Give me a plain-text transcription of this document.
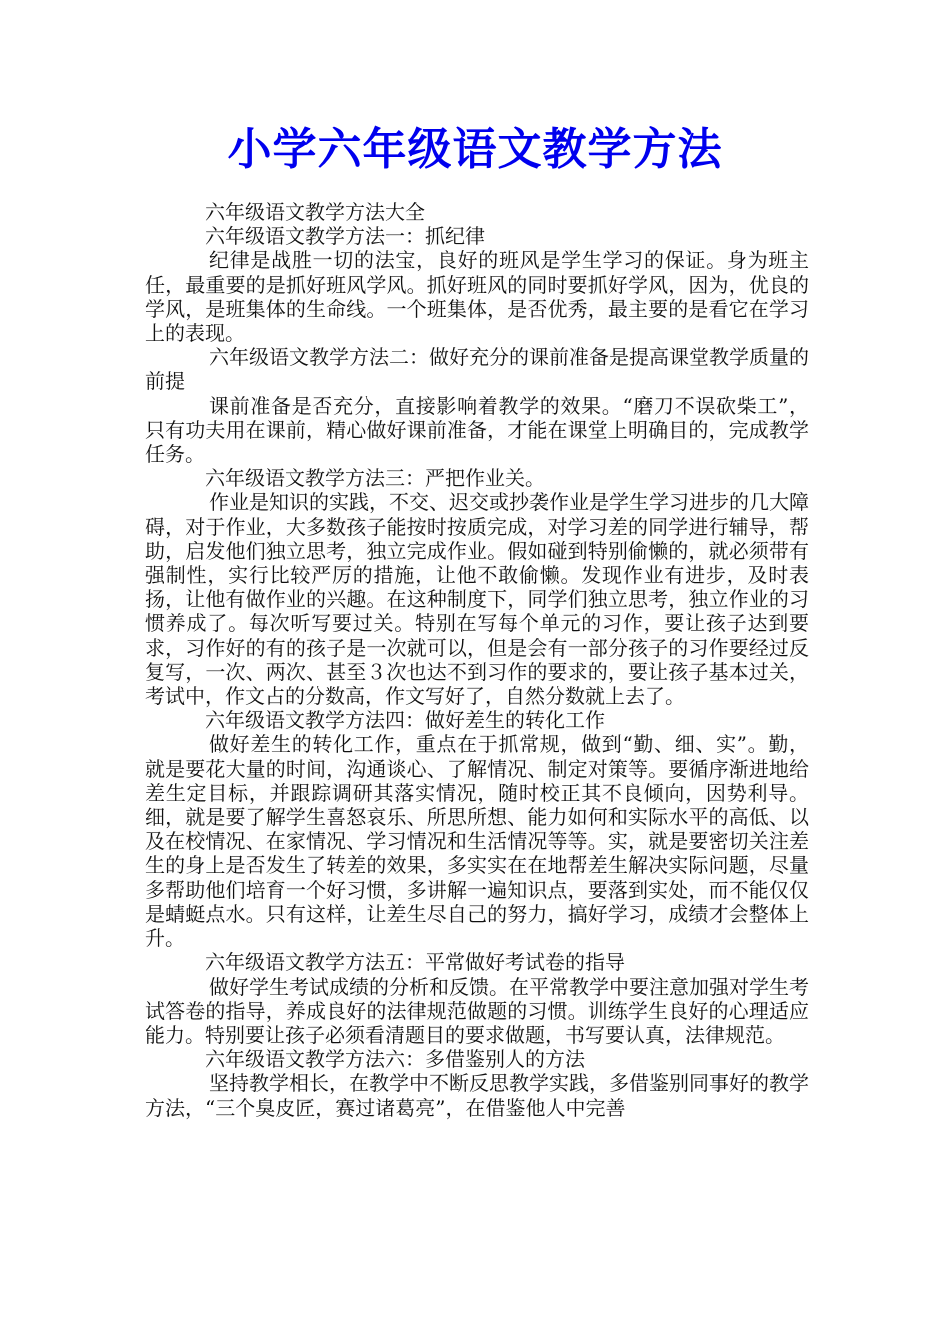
小学六年级语文教学方法

六年级语文教学方法大全

六年级语文教学方法一：抓纪律

纪律是战胜一切的法宝，良好的班风是学生学习的保证。身为班主任，最重要的是抓好班风学风。抓好班风的同时要抓好学风，因为，优良的学风，是班集体的生命线。一个班集体，是否优秀，最主要的是看它在学习上的表现。

六年级语文教学方法二：做好充分的课前准备是提高课堂教学质量的前提

课前准备是否充分，直接影响着教学的效果。“磨刀不误砍柴工”，只有功夫用在课前，精心做好课前准备，才能在课堂上明确目的，完成教学任务。

六年级语文教学方法三：严把作业关。

作业是知识的实践，不交、迟交或抄袭作业是学生学习进步的几大障碍，对于作业，大多数孩子能按时按质完成，对学习差的同学进行辅导，帮助，启发他们独立思考，独立完成作业。假如碰到特别偷懒的，就必须带有强制性，实行比较严厉的措施，让他不敢偷懒。发现作业有进步，及时表扬，让他有做作业的兴趣。在这种制度下，同学们独立思考，独立作业的习惯养成了。每次听写要过关。特别在写每个单元的习作，要让孩子达到要求，习作好的有的孩子是一次就可以，但是会有一部分孩子的习作要经过反复写，一次、两次、甚至３次也达不到习作的要求的，要让孩子基本过关，考试中，作文占的分数高，作文写好了，自然分数就上去了。

六年级语文教学方法四：做好差生的转化工作

做好差生的转化工作，重点在于抓常规，做到“勤、细、实”。勤，就是要花大量的时间，沟通谈心、了解情况、制定对策等。要循序渐进地给差生定目标，并跟踪调研其落实情况，随时校正其不良倾向，因势利导。细，就是要了解学生喜怒哀乐、所思所想、能力如何和实际水平的高低、以及在校情况、在家情况、学习情况和生活情况等等。实，就是要密切关注差生的身上是否发生了转差的效果，多实实在在地帮差生解决实际问题，尽量多帮助他们培育一个好习惯，多讲解一遍知识点，要落到实处，而不能仅仅是蜻蜓点水。只有这样，让差生尽自己的努力，搞好学习，成绩才会整体上升。

六年级语文教学方法五：平常做好考试卷的指导

做好学生考试成绩的分析和反馈。在平常教学中要注意加强对学生考试答卷的指导，养成良好的法律规范做题的习惯。训练学生良好的心理适应能力。特别要让孩子必须看清题目的要求做题，书写要认真，法律规范。

六年级语文教学方法六：多借鉴别人的方法

坚持教学相长，在教学中不断反思教学实践，多借鉴别同事好的教学方法，“三个臭皮匠，赛过诸葛亮”，在借鉴他人中完善
